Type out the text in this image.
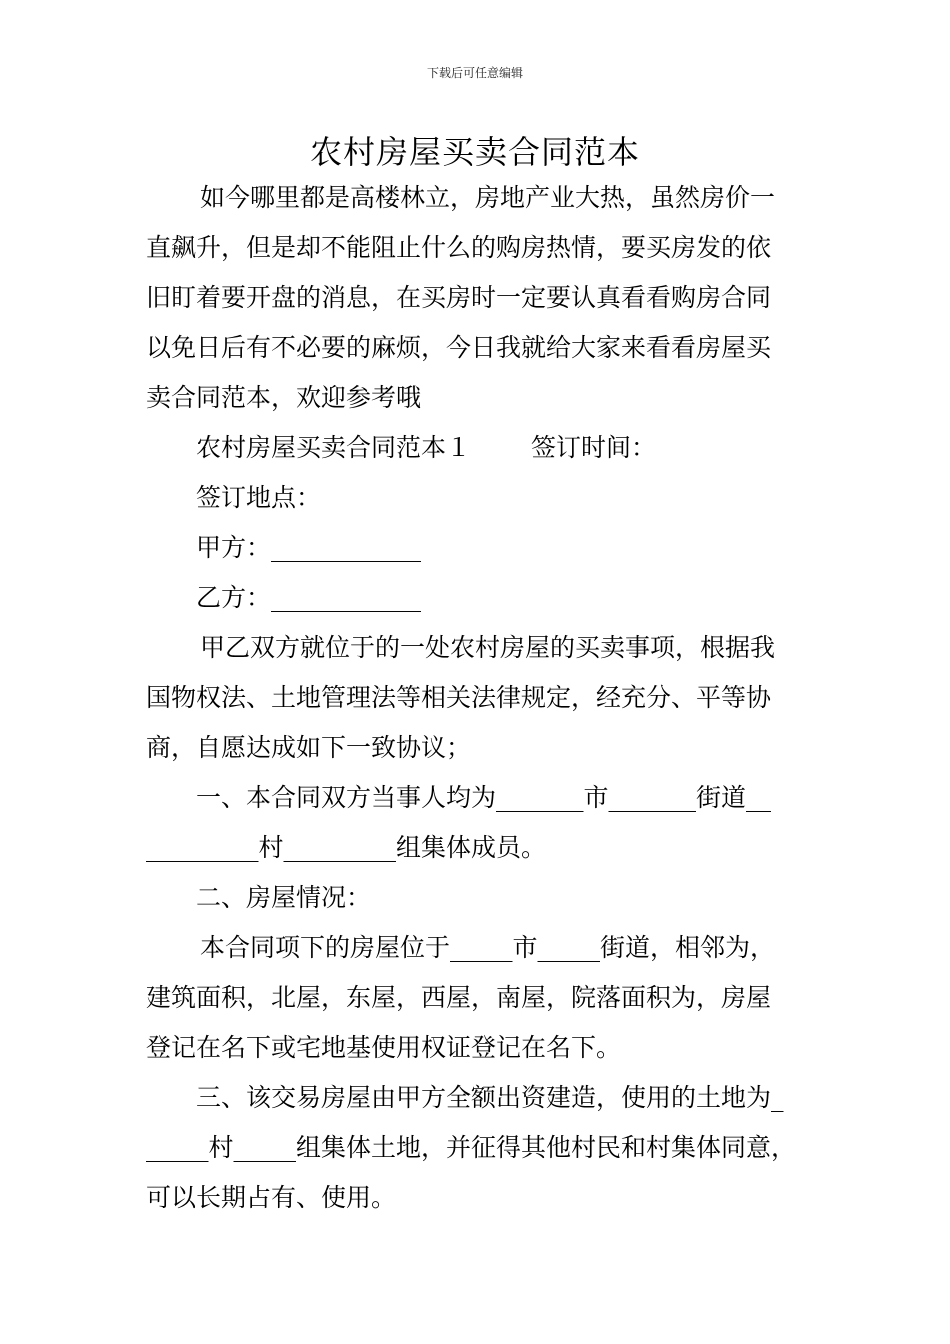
下载后可任意编辑
农村房屋买卖合同范本
如今哪里都是高楼林立，房地产业大热，虽然房价一
直飙升，但是却不能阻止什么的购房热情，要买房发的依
旧盯着要开盘的消息，在买房时一定要认真看看购房合同
以免日后有不必要的麻烦，今日我就给大家来看看房屋买
卖合同范本，欢迎参考哦
农村房屋买卖合同范本１ 签订时间：
签订地点：
甲方：____________
乙方：____________
甲乙双方就位于的一处农村房屋的买卖事项，根据我
国物权法、土地管理法等相关法律规定，经充分、平等协
商，自愿达成如下一致协议；
一、本合同双方当事人均为_______市_______街道__
_________村_________组集体成员。
二、房屋情况：
本合同项下的房屋位于_____市_____街道，相邻为，
建筑面积，北屋，东屋，西屋，南屋，院落面积为，房屋
登记在名下或宅地基使用权证登记在名下。
三、该交易房屋由甲方全额出资建造，使用的土地为_
_____村_____组集体土地，并征得其他村民和村集体同意，
可以长期占有、使用。
